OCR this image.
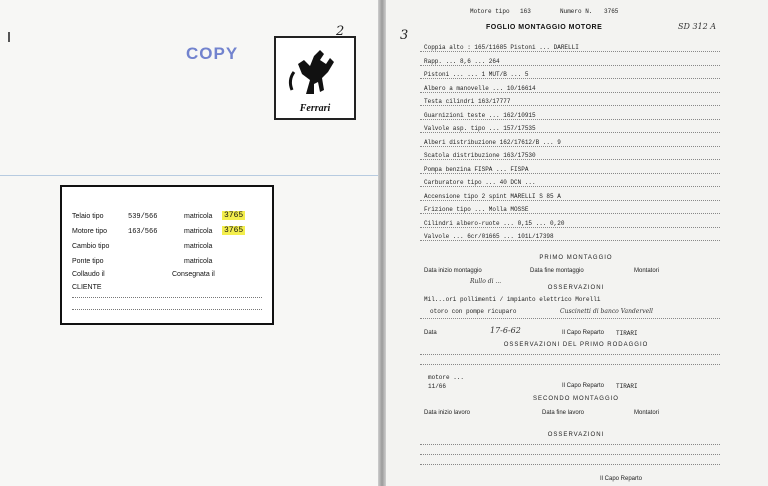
COPY
Ferrari
2
Telaio tipo	539/566	matricola 3765
Motore tipo	163/566	matricola 3765
Cambio tipo	matricola
Ponte tipo	matricola
Collaudo il	Consegnata il
CLIENTE
3
Motore tipo 163	Numero N. 3765
FOGLIO MONTAGGIO MOTORE	SD 312 A
Coppia alto : 165/11685 Pistoni ... DARELLI
Rapp. ... 8,6 ... 264
Pistoni ... ... 1 MUT/B ... 5
Albero a manovelle ... 10/16614
Testa cilindri 163/17777
Guarnizioni teste ... 162/10915
Valvole asp. tipo ... 157/17535
Alberi distribuzione 162/17612/B ... 9
Scatola distribuzione 163/17530
Pompa benzina FISPA ... FISPA
Carburatore tipo ... 40 DCN ...
Accensione tipo 2 spint MARELLI S 85 A
Frizione tipo ... Molla MOSSE
Cilindri albero-ruote ... 0,15 ... 0,20
Valvole ... 6cr/01665 ... 101L/17398
PRIMO MONTAGGIO
Data inizio montaggio	Data fine montaggio	Montatori
OSSERVAZIONI
Rullo di ...
Mil...ori pollimenti / impianto elettrico Morelli
otoro con pompe ricuparo	Cuscinetti di banco Vandervell
Data	17-6-62	Il Capo Reparto TIRARI
OSSERVAZIONI DEL PRIMO RODAGGIO
motore ...
11/66	Il Capo Reparto TIRARI
SECONDO MONTAGGIO
Data inizio lavoro	Data fine lavoro	Montatori
OSSERVAZIONI
Il Capo Reparto
